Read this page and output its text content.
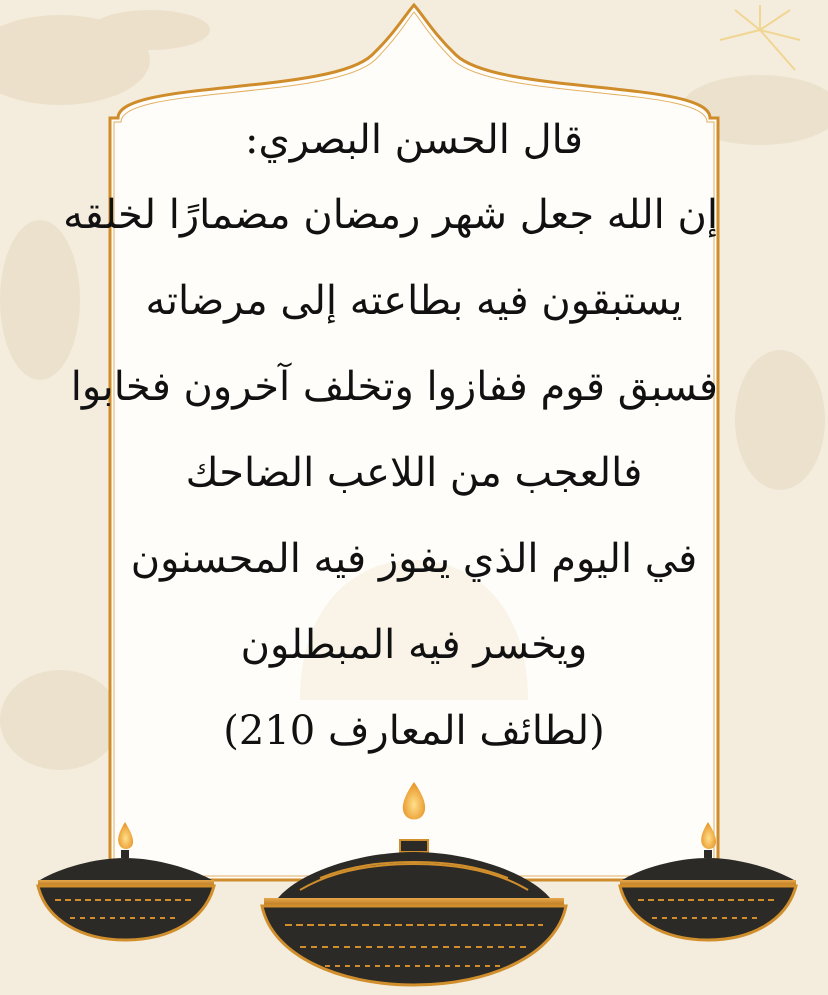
قال الحسن البصري:
إن الله جعل شهر رمضان مضمارًا لخلقه
يستبقون فيه بطاعته إلى مرضاته
فسبق قوم ففازوا وتخلف آخرون فخابوا
فالعجب من اللاعب الضاحك
في اليوم الذي يفوز فيه المحسنون
ويخسر فيه المبطلون
(لطائف المعارف 210)
